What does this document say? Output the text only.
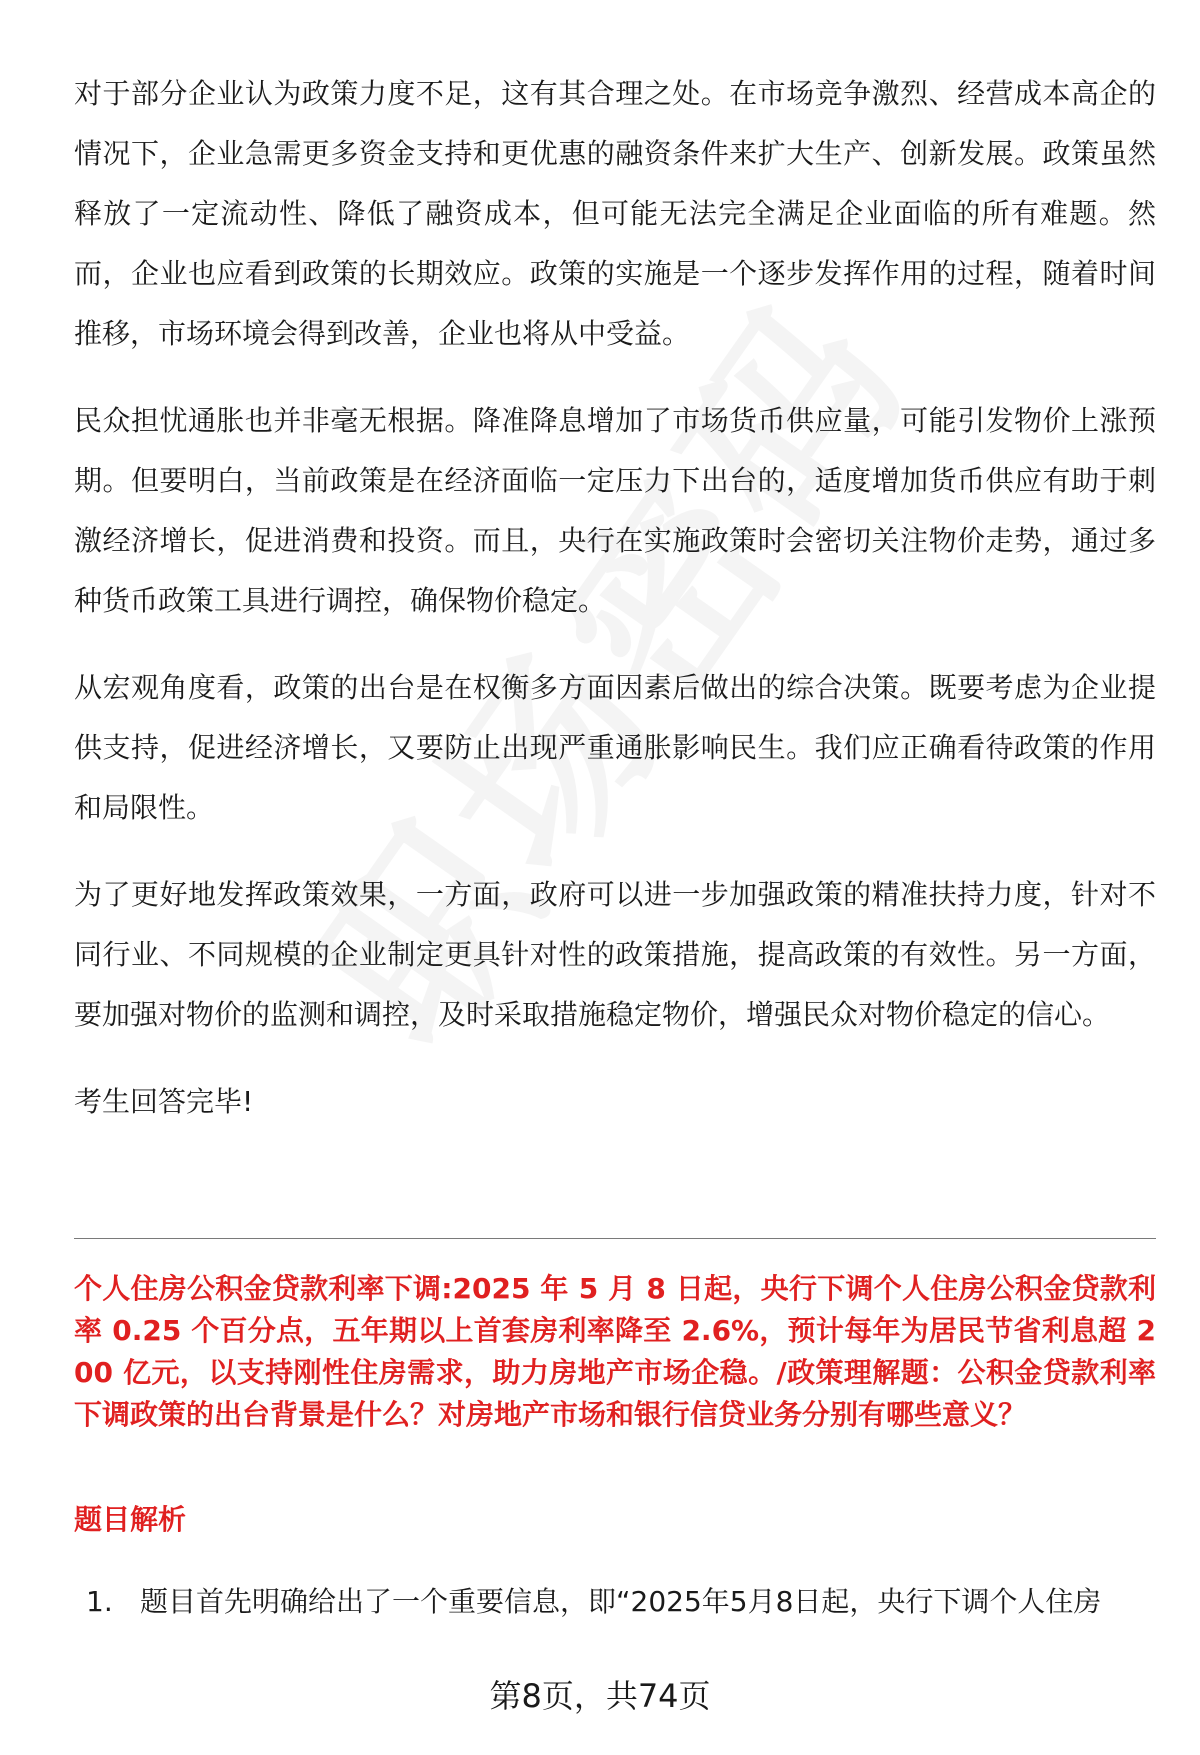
对于部分企业认为政策力度不足，这有其合理之处。在市场竞争激烈、经营成本高企的情况下，企业急需更多资金支持和更优惠的融资条件来扩大生产、创新发展。政策虽然释放了一定流动性、降低了融资成本，但可能无法完全满足企业面临的所有难题。然而，企业也应看到政策的长期效应。政策的实施是一个逐步发挥作用的过程，随着时间推移，市场环境会得到改善，企业也将从中受益。

民众担忧通胀也并非毫无根据。降准降息增加了市场货币供应量，可能引发物价上涨预期。但要明白，当前政策是在经济面临一定压力下出台的，适度增加货币供应有助于刺激经济增长，促进消费和投资。而且，央行在实施政策时会密切关注物价走势，通过多种货币政策工具进行调控，确保物价稳定。

从宏观角度看，政策的出台是在权衡多方面因素后做出的综合决策。既要考虑为企业提供支持，促进经济增长，又要防止出现严重通胀影响民生。我们应正确看待政策的作用和局限性。

为了更好地发挥政策效果，一方面，政府可以进一步加强政策的精准扶持力度，针对不同行业、不同规模的企业制定更具针对性的政策措施，提高政策的有效性。另一方面，要加强对物价的监测和调控，及时采取措施稳定物价，增强民众对物价稳定的信心。

考生回答完毕!

个人住房公积金贷款利率下调:2025 年 5 月 8 日起，央行下调个人住房公积金贷款利率 0.25 个百分点，五年期以上首套房利率降至 2.6%，预计每年为居民节省利息超 200 亿元，以支持刚性住房需求，助力房地产市场企稳。/政策理解题：公积金贷款利率下调政策的出台背景是什么？对房地产市场和银行信贷业务分别有哪些意义？

题目解析

1. 题目首先明确给出了一个重要信息，即“2025年5月8日起，央行下调个人住房
第8页，共74页
